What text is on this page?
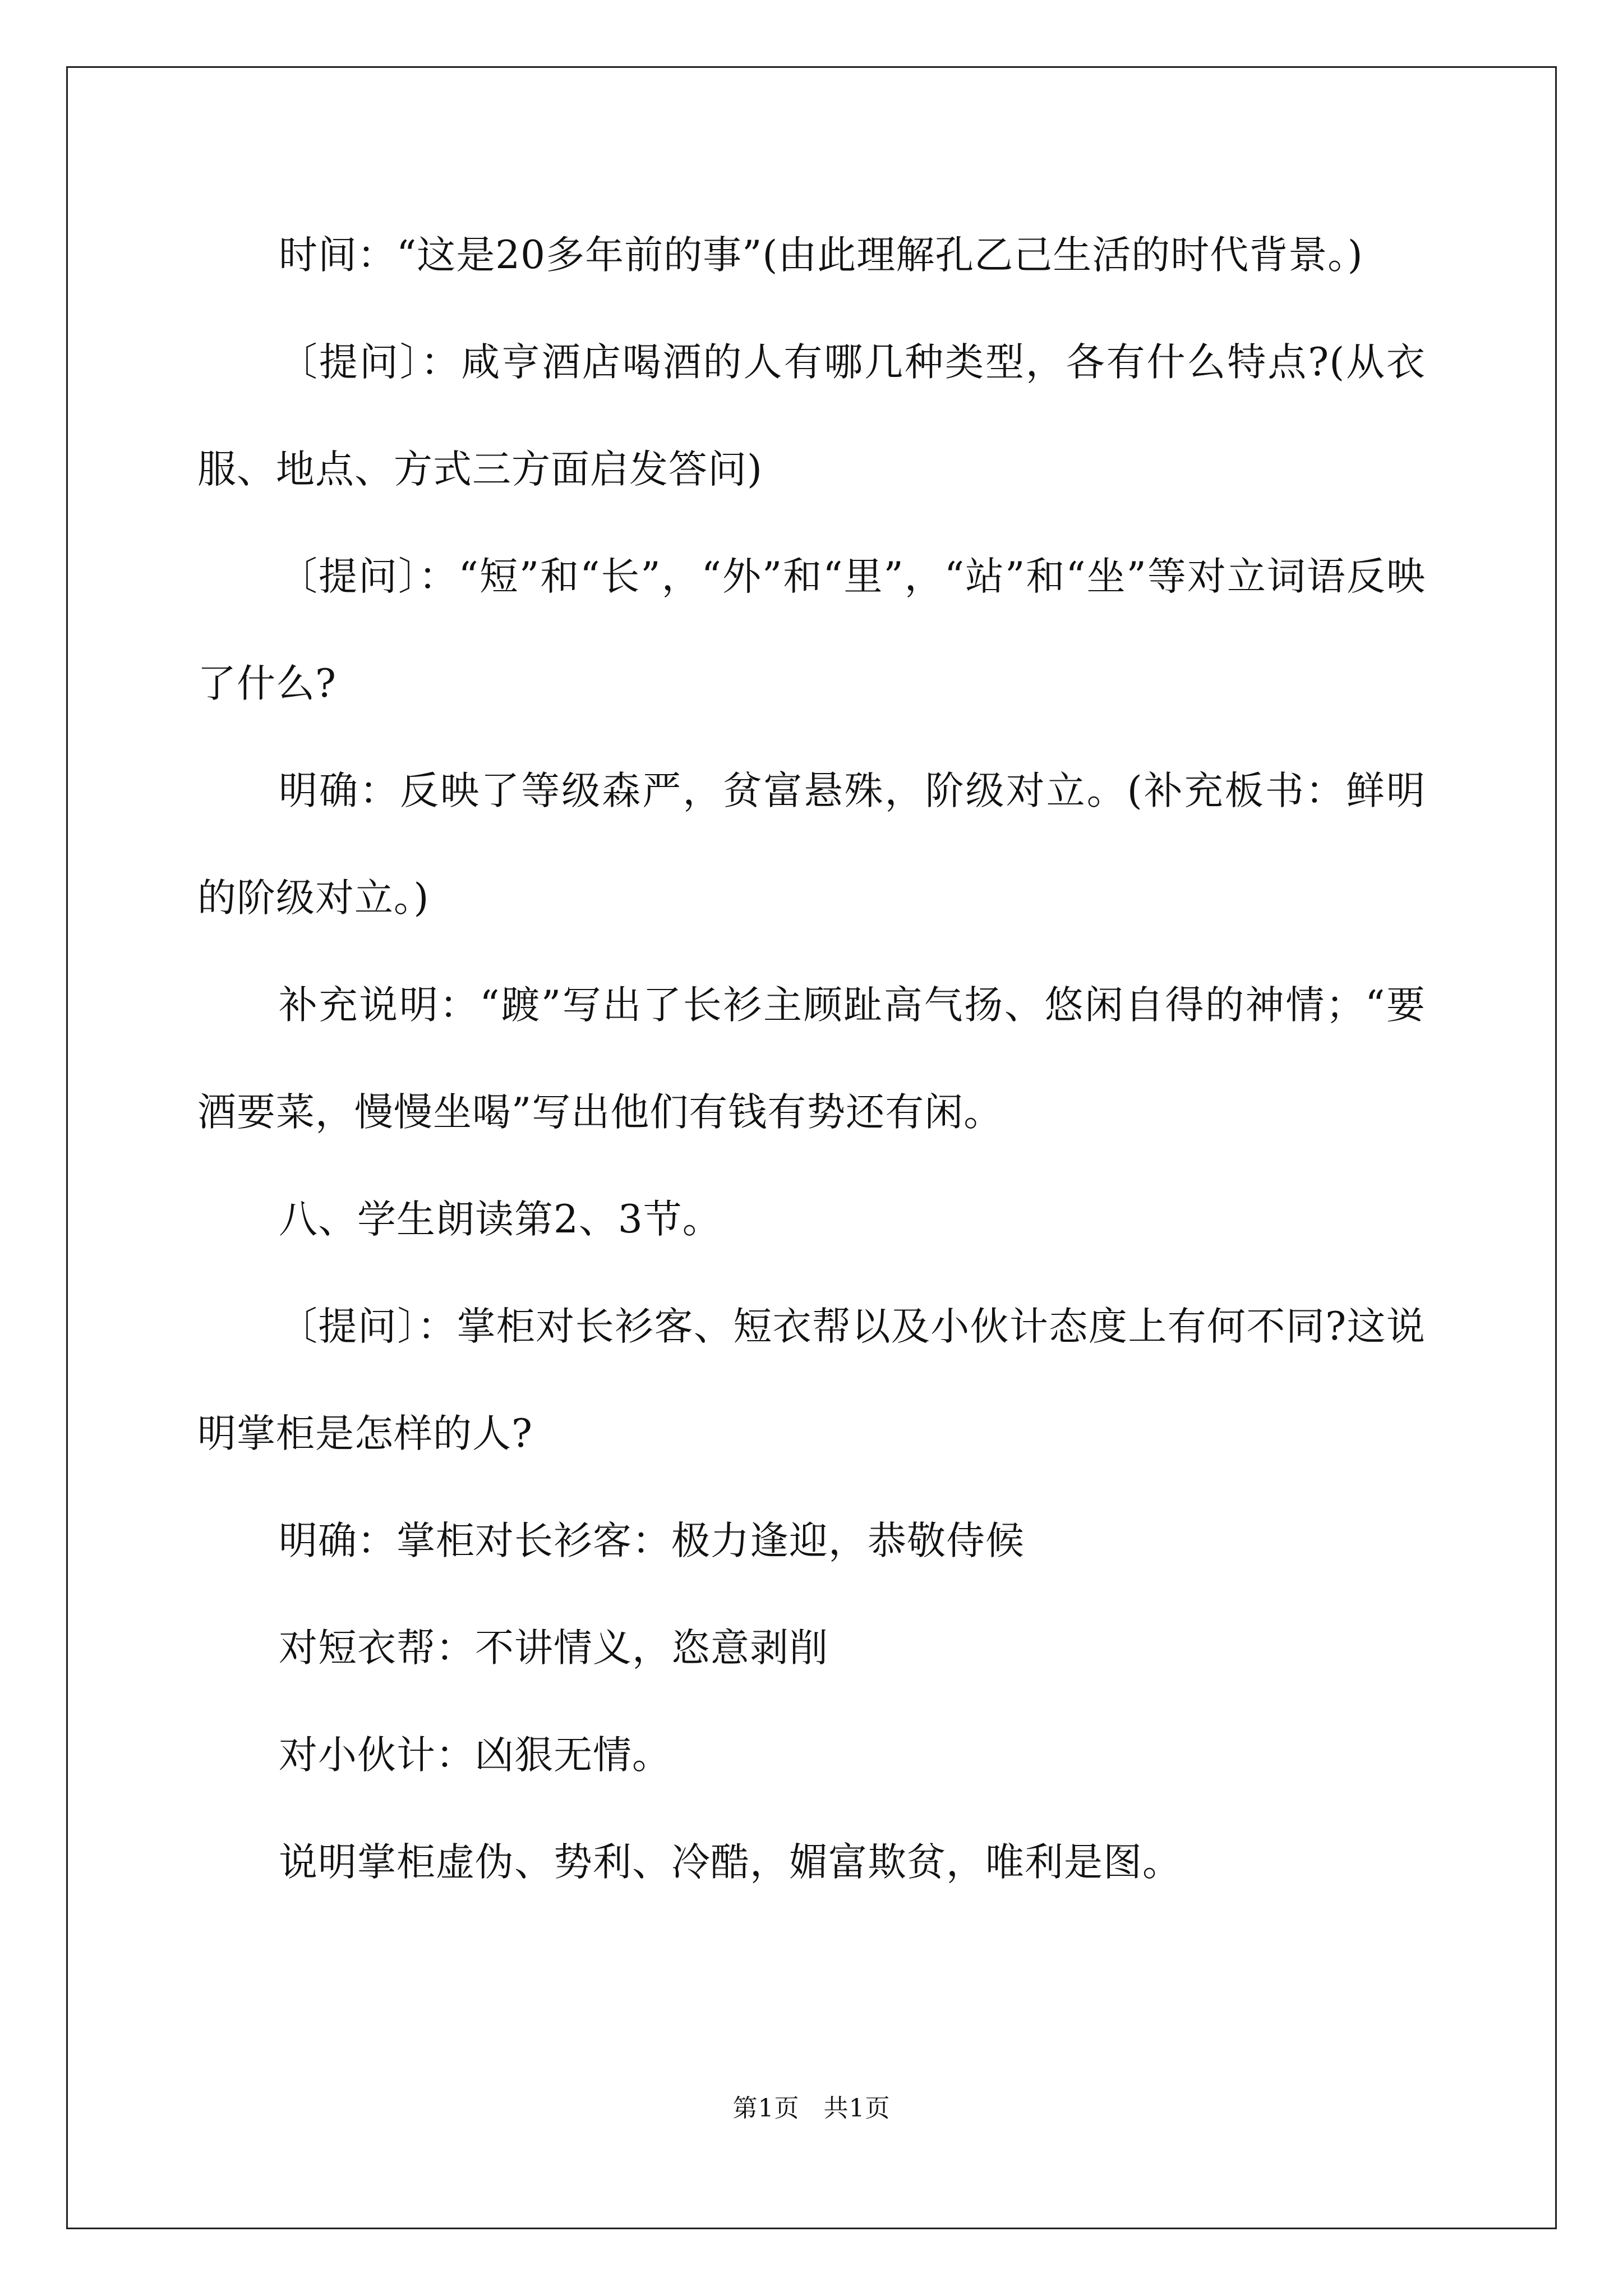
时间：“这是20多年前的事”(由此理解孔乙己生活的时代背景。)

〔提问〕：咸亨酒店喝酒的人有哪几种类型，各有什么特点?(从衣服、地点、方式三方面启发答问)

〔提问〕：“短”和“长”，“外”和“里”，“站”和“坐”等对立词语反映了什么?

明确：反映了等级森严，贫富悬殊，阶级对立。(补充板书：鲜明的阶级对立。)

补充说明：“踱”写出了长衫主顾趾高气扬、悠闲自得的神情；“要酒要菜，慢慢坐喝”写出他们有钱有势还有闲。

八、学生朗读第2、3节。

〔提问〕：掌柜对长衫客、短衣帮以及小伙计态度上有何不同?这说明掌柜是怎样的人?

明确：掌柜对长衫客：极力逢迎，恭敬侍候

对短衣帮：不讲情义，恣意剥削

对小伙计：凶狠无情。

说明掌柜虚伪、势利、冷酷，媚富欺贫，唯利是图。

第1页 共1页
